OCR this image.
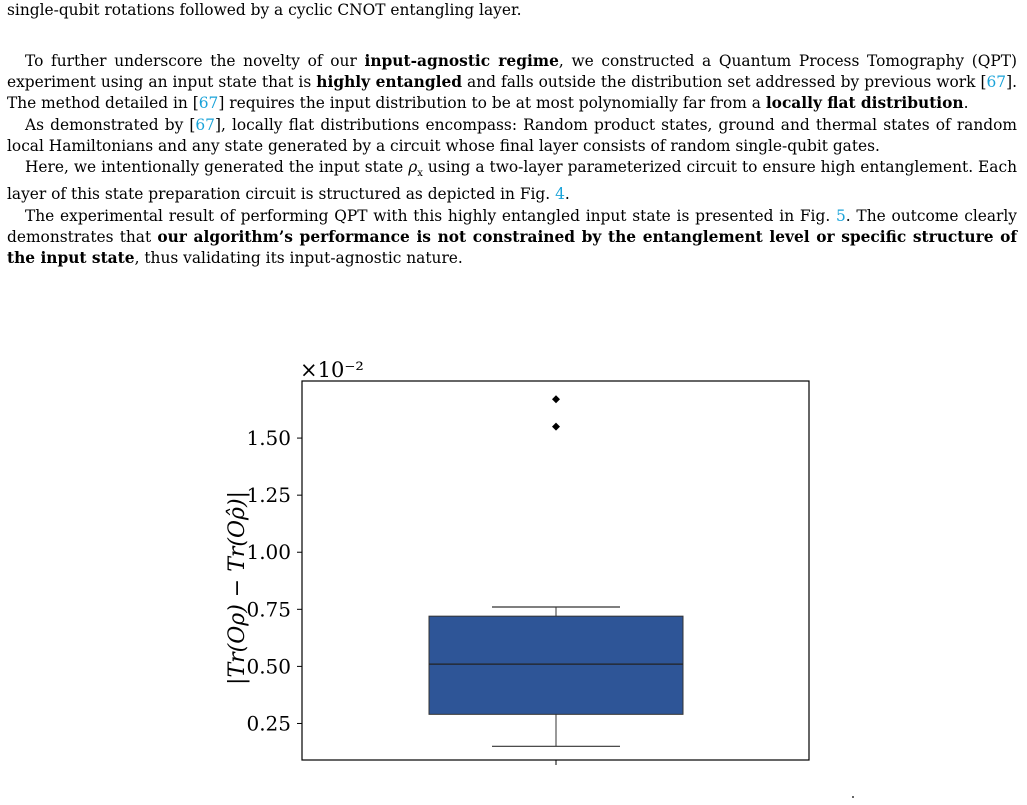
single-qubit rotations followed by a cyclic CNOT entangling layer.

To further underscore the novelty of our input-agnostic regime, we constructed a Quantum Process Tomography (QPT) experiment using an input state that is highly entangled and falls outside the distribution set addressed by previous work [67]. The method detailed in [67] requires the input distribution to be at most polynomially far from a locally flat distribution.

As demonstrated by [67], locally flat distributions encompass: Random product states, ground and thermal states of random local Hamiltonians and any state generated by a circuit whose final layer consists of random single-qubit gates.

Here, we intentionally generated the input state $\rho_x$ using a two-layer parameterized circuit to ensure high entanglement. Each layer of this state preparation circuit is structured as depicted in Fig. 4.

The experimental result of performing QPT with this highly entangled input state is presented in Fig. 5. The outcome clearly demonstrates that our algorithm’s performance is not constrained by the entanglement level or specific structure of the input state, thus validating its input-agnostic nature.

×10⁻²
|Tr(Oρ) − Tr(Oρ̂)|
0.25
0.50
0.75
1.00
1.25
1.50
